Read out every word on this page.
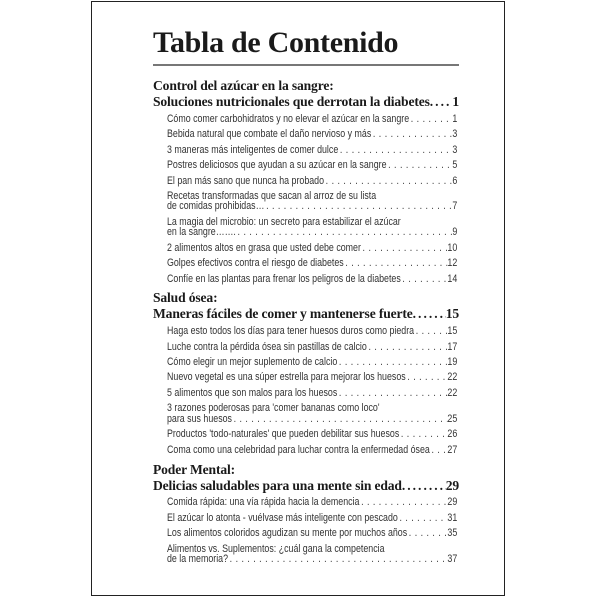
Tabla de Contenido
Control del azúcar en la sangre:
Soluciones nutricionales que derrotan la diabetes ..... 1
Cómo comer carbohidratos y no elevar el azúcar en la sangre . . .	1
Bebida natural que combate el daño nervioso y más . . .	3
3 maneras más inteligentes de comer dulce . . .	3
Postres deliciosos que ayudan a su azúcar en la sangre . . .	5
El pan más sano que nunca ha probado . . .	6
Recetas transformadas que sacan al arroz de su lista
de comidas prohibidas… . . .	7
La magia del microbio: un secreto para estabilizar el azúcar
en la sangre……. . . .	9
2 alimentos altos en grasa que usted debe comer . . .	10
Golpes efectivos contra el riesgo de diabetes . . .	12
Confíe en las plantas para frenar los peligros de la diabetes . . .	14
Salud ósea:
Maneras fáciles de comer y mantenerse fuerte ..... 15
Haga esto todos los días para tener huesos duros como piedra . . .	15
Luche contra la pérdida ósea sin pastillas de calcio . . .	17
Cómo elegir un mejor suplemento de calcio . . .	19
Nuevo vegetal es una súper estrella para mejorar los huesos . . .	22
5 alimentos que son malos para los huesos . . .	22
3 razones poderosas para 'comer bananas como loco'
para sus huesos . . .	25
Productos 'todo-naturales' que pueden debilitar sus huesos . . .	26
Coma como una celebridad para luchar contra la enfermedad ósea . . . 27
Poder Mental:
Delicias saludables para una mente sin edad .....	29
Comida rápida: una vía rápida hacia la demencia . . .	29
El azúcar lo atonta - vuélvase más inteligente con pescado . . .	31
Los alimentos coloridos agudizan su mente por muchos años . . .	35
Alimentos vs. Suplementos: ¿cuál gana la competencia
de la memoria? . . .	37
